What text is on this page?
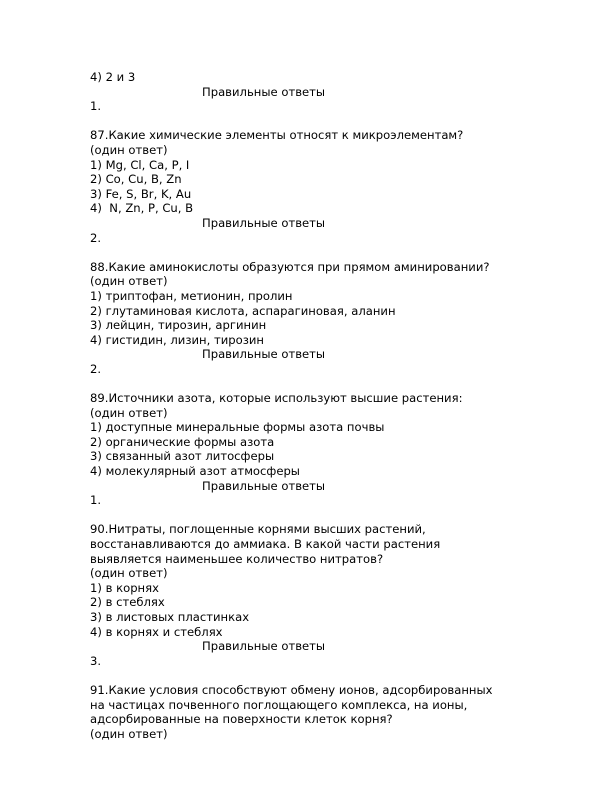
4) 2 и 3
Правильные ответы
1.
87.Какие химические элементы относят к микроэлементам?
(один ответ)
1) Mg, Cl, Ca, P, I
2) Co, Cu, B, Zn
3) Fe, S, Br, K, Au
4)  N, Zn, P, Cu, B
Правильные ответы
2.
88.Какие аминокислоты образуются при прямом аминировании?
(один ответ)
1) триптофан, метионин, пролин
2) глутаминовая кислота, аспарагиновая, аланин
3) лейцин, тирозин, аргинин
4) гистидин, лизин, тирозин
Правильные ответы
2.
89.Источники азота, которые используют высшие растения:
(один ответ)
1) доступные минеральные формы азота почвы
2) органические формы азота
3) связанный азот литосферы
4) молекулярный азот атмосферы
Правильные ответы
1.
90.Нитраты, поглощенные корнями высших растений,
восстанавливаются до аммиака. В какой части растения
выявляется наименьшее количество нитратов?
(один ответ)
1) в корнях
2) в стеблях
3) в листовых пластинках
4) в корнях и стеблях
Правильные ответы
3.
91.Какие условия способствуют обмену ионов, адсорбированных
на частицах почвенного поглощающего комплекса, на ионы,
адсорбированные на поверхности клеток корня?
(один ответ)
